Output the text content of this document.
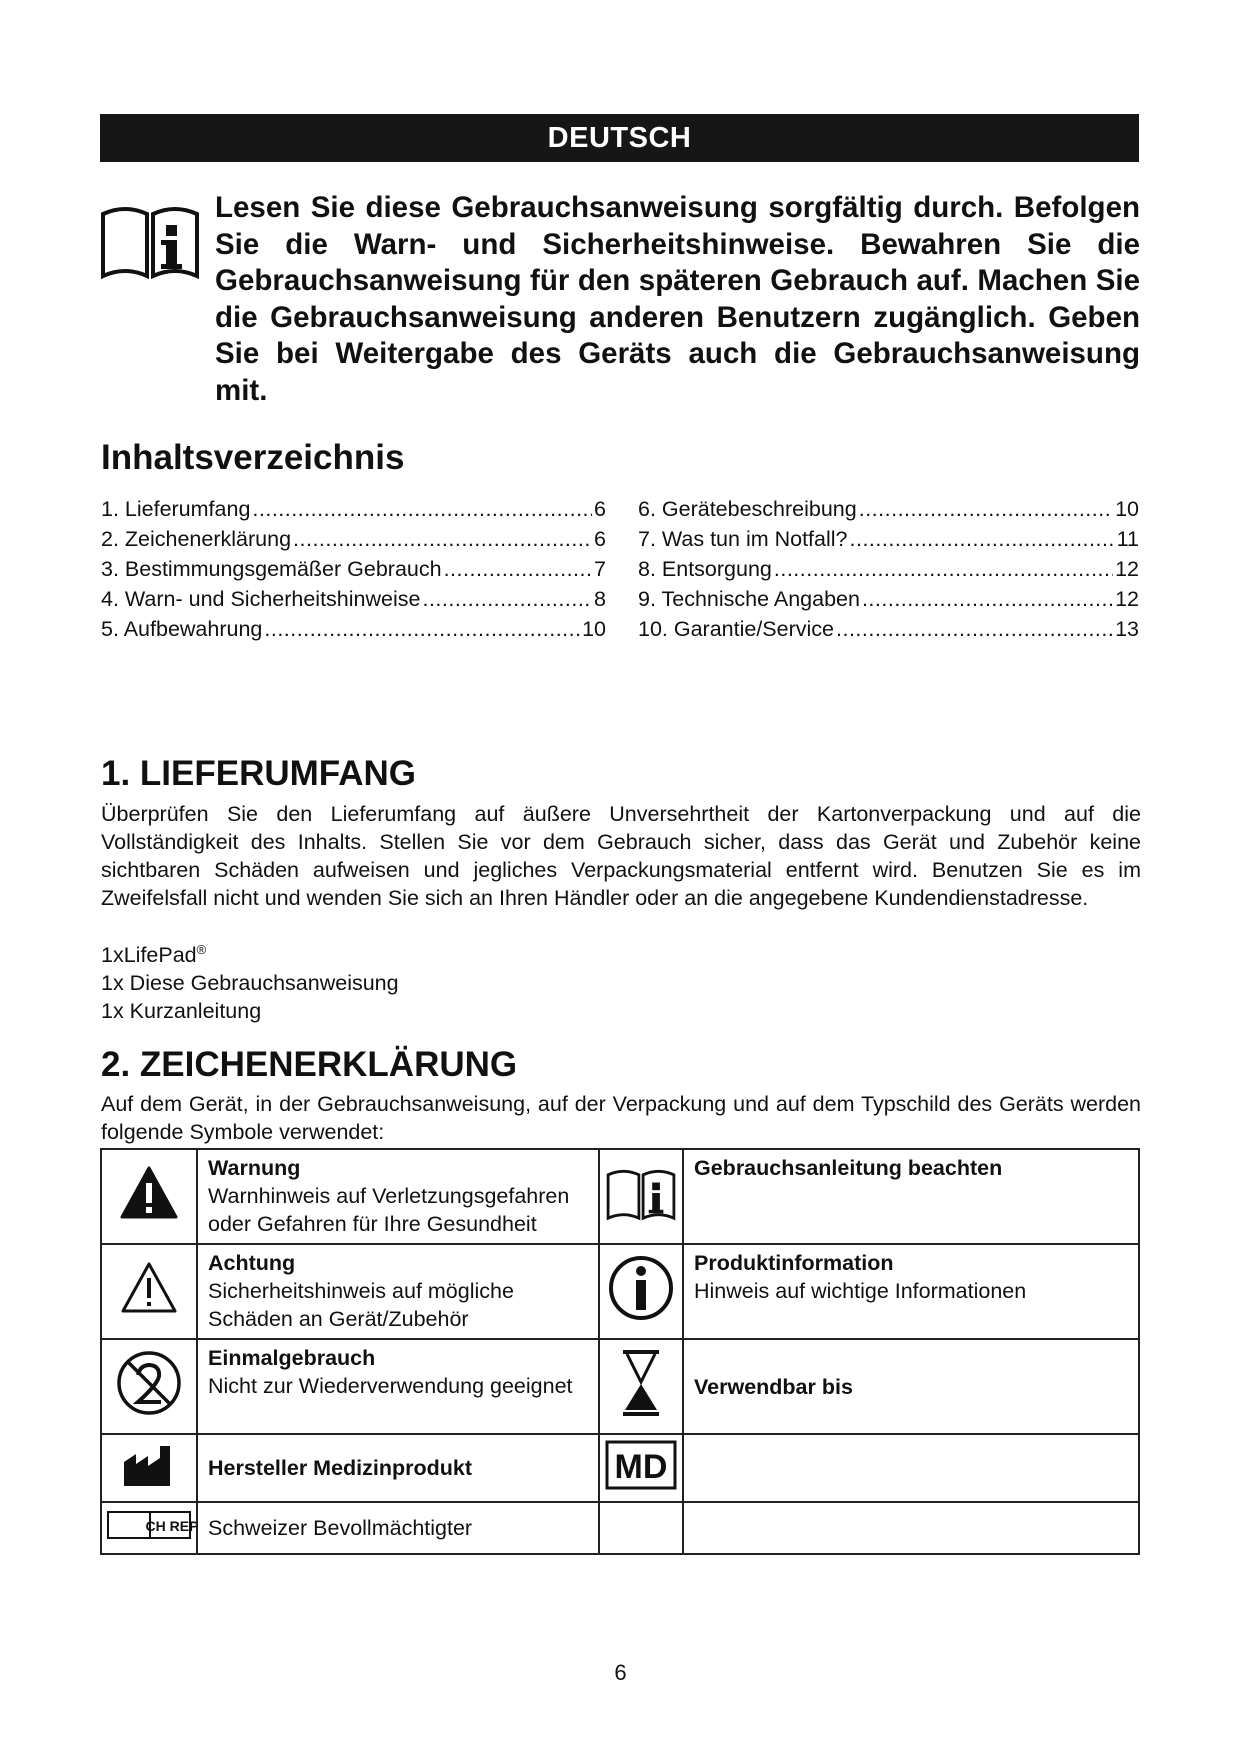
DEUTSCH

Lesen Sie diese Gebrauchsanweisung sorgfältig durch. Befolgen Sie die Warn- und Sicherheitshinweise. Bewahren Sie die Gebrauchsanweisung für den späteren Gebrauch auf. Machen Sie die Gebrauchsanweisung anderen Benutzern zugänglich. Geben Sie bei Weitergabe des Geräts auch die Gebrauchsanweisung mit.

Inhaltsverzeichnis
1. Lieferumfang .....	6
2. Zeichenerklärung .....	6
3. Bestimmungsgemäßer Gebrauch .....	7
4. Warn- und Sicherheitshinweise .....	8
5. Aufbewahrung .....	10
6. Gerätebeschreibung .....	10
7. Was tun im Notfall? .....	11
8. Entsorgung .....	12
9. Technische Angaben .....	12
10. Garantie/Service .....	13
1. LIEFERUMFANG

Überprüfen Sie den Lieferumfang auf äußere Unversehrtheit der Kartonverpackung und auf die Vollständigkeit des Inhalts. Stellen Sie vor dem Gebrauch sicher, dass das Gerät und Zubehör keine sichtbaren Schäden aufweisen und jegliches Verpackungsmaterial entfernt wird. Benutzen Sie es im Zweifelsfall nicht und wenden Sie sich an Ihren Händler oder an die angegebene Kundendienstadresse.

1xLifePad®
1x Diese Gebrauchsanweisung
1x Kurzanleitung
2. ZEICHENERKLÄRUNG

Auf dem Gerät, in der Gebrauchsanweisung, auf der Verpackung und auf dem Typschild des Geräts werden folgende Symbole verwendet:

Warnung
Warnhinweis auf Verletzungsgefahren oder Gefahren für Ihre Gesundheit		Gebrauchsanleitung beachten

Achtung
Sicherheitshinweis auf mögliche Schäden an Gerät/Zubehör		Produktinformation
Hinweis auf wichtige Informationen

Einmalgebrauch
Nicht zur Wiederverwendung geeignet		Verwendbar bis

Hersteller Medizinprodukt	MD	

CH REP	Schweizer Bevollmächtigter		
6
